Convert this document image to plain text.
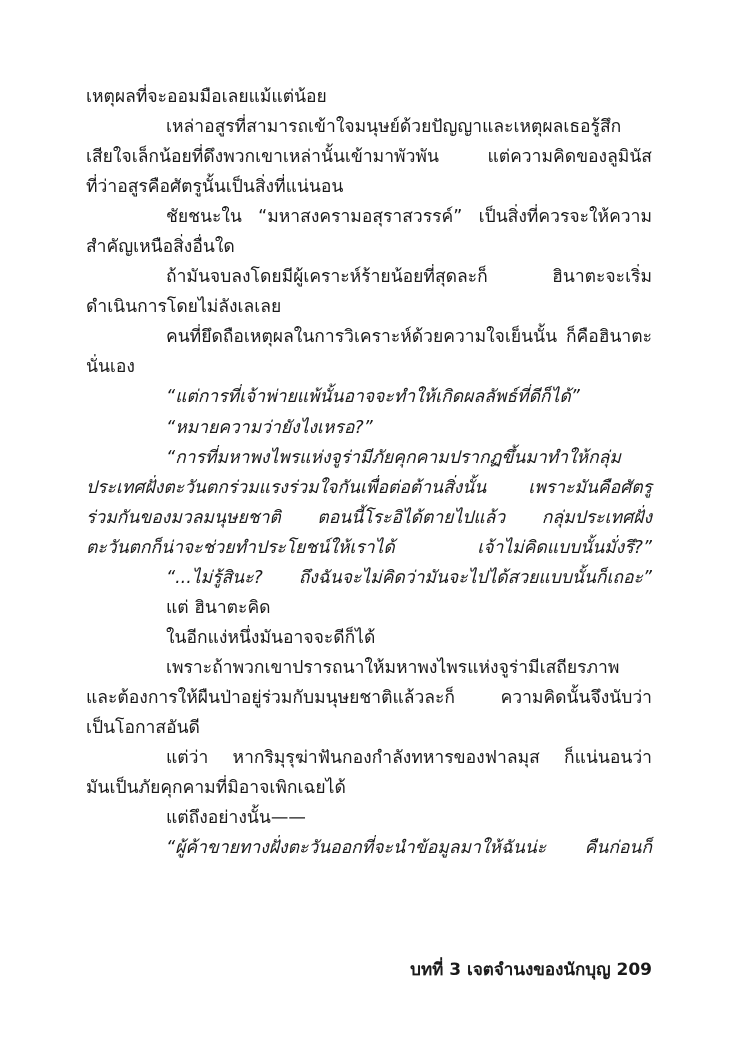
เหตุผลที่จะออมมือเลยแม้แต่น้อย
เหล่าอสูรที่สามารถเข้าใจมนุษย์ด้วยปัญญาและเหตุผลเธอรู้สึก
เสียใจเล็กน้อยที่ดึงพวกเขาเหล่านั้นเข้ามาพัวพัน แต่ความคิดของลูมินัส
ที่ว่าอสูรคือศัตรูนั้นเป็นสิ่งที่แน่นอน
ชัยชนะใน “มหาสงครามอสุราสวรรค์” เป็นสิ่งที่ควรจะให้ความ
สำคัญเหนือสิ่งอื่นใด
ถ้ามันจบลงโดยมีผู้เคราะห์ร้ายน้อยที่สุดละก็ ฮินาตะจะเริ่ม
ดำเนินการโดยไม่ลังเลเลย
คนที่ยึดถือเหตุผลในการวิเคราะห์ด้วยความใจเย็นนั้น ก็คือฮินาตะ
นั่นเอง
“แต่การที่เจ้าพ่ายแพ้นั้นอาจจะทำให้เกิดผลลัพธ์ที่ดีก็ได้”
“หมายความว่ายังไงเหรอ?”
“การที่มหาพงไพรแห่งจูร่ามีภัยคุกคามปรากฏขึ้นมาทำให้กลุ่ม
ประเทศฝั่งตะวันตกร่วมแรงร่วมใจกันเพื่อต่อต้านสิ่งนั้น เพราะมันคือศัตรู
ร่วมกันของมวลมนุษยชาติ ตอนนี้โระอิได้ตายไปแล้ว กลุ่มประเทศฝั่ง
ตะวันตกก็น่าจะช่วยทำประโยชน์ให้เราได้ เจ้าไม่คิดแบบนั้นมั่งรึ?”
“...ไม่รู้สินะ? ถึงฉันจะไม่คิดว่ามันจะไปได้สวยแบบนั้นก็เถอะ”
แต่ ฮินาตะคิด
ในอีกแง่หนึ่งมันอาจจะดีก็ได้
เพราะถ้าพวกเขาปรารถนาให้มหาพงไพรแห่งจูร่ามีเสถียรภาพ
และต้องการให้ผืนป่าอยู่ร่วมกับมนุษยชาติแล้วละก็ ความคิดนั้นจึงนับว่า
เป็นโอกาสอันดี
แต่ว่า หากริมุรุฆ่าฟันกองกำลังทหารของฟาลมุส ก็แน่นอนว่า
มันเป็นภัยคุกคามที่มิอาจเพิกเฉยได้
แต่ถึงอย่างนั้น——
“ผู้ค้าขายทางฝั่งตะวันออกที่จะนำข้อมูลมาให้ฉันน่ะ คืนก่อนก็
บทที่ 3 เจตจำนงของนักบุญ 209
